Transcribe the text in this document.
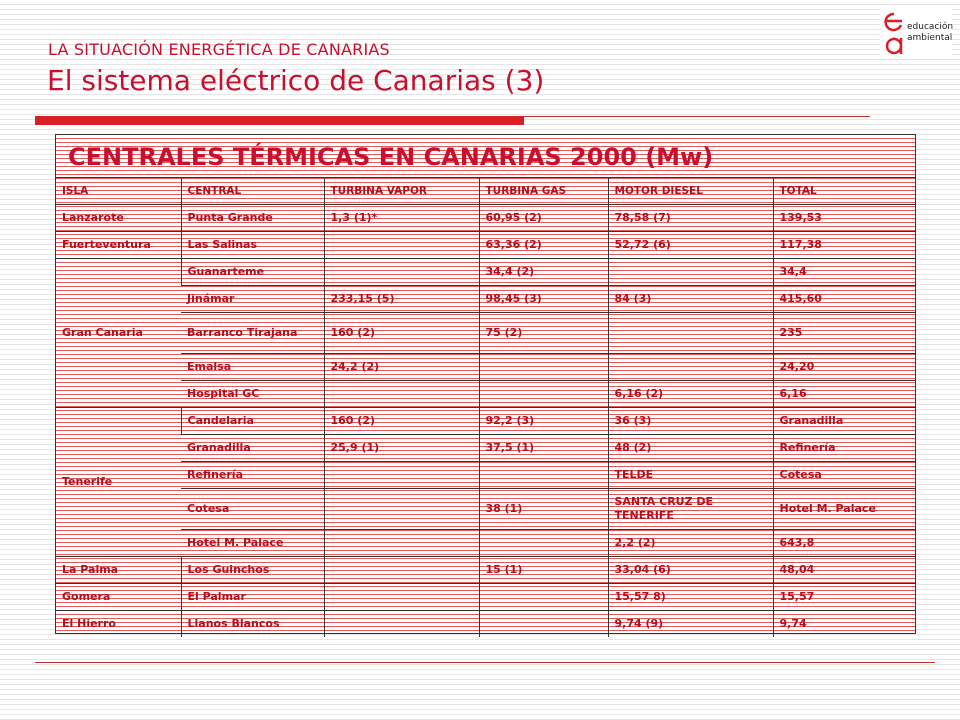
educación
ambiental
LA SITUACIÓN ENERGÉTICA DE CANARIAS
El sistema eléctrico de Canarias (3)
CENTRALES TÉRMICAS EN CANARIAS 2000 (Mw)
ISLA	CENTRAL	TURBINA VAPOR	TURBINA GAS	MOTOR DIESEL	TOTAL
Lanzarote	Punta Grande	1,3 (1)*	60,95 (2)	78,58 (7)	139,53
Fuerteventura	Las Salinas		63,36 (2)	52,72 (6)	117,38
Gran Canaria	Guanarteme		34,4 (2)		34,4
	Jinámar	233,15 (5)	98,45 (3)	84 (3)	415,60
	Barranco Tirajana	160 (2)	75 (2)		235
	Emalsa	24,2 (2)			24,20
	Hospital GC			6,16 (2)	6,16
Tenerife	Candelaria	160 (2)	92,2 (3)	36 (3)	Granadilla
	Granadilla	25,9 (1)	37,5 (1)	48 (2)	Refinería
	Refinería			TELDE	Cotesa
	Cotesa		38 (1)	SANTA CRUZ DE TENERIFE	Hotel M. Palace
	Hotel M. Palace			2,2 (2)	643,8
La Palma	Los Guinchos		15 (1)	33,04 (6)	48,04
Gomera	El Palmar			15,57 8)	15,57
El Hierro	Llanos Blancos			9,74 (9)	9,74
